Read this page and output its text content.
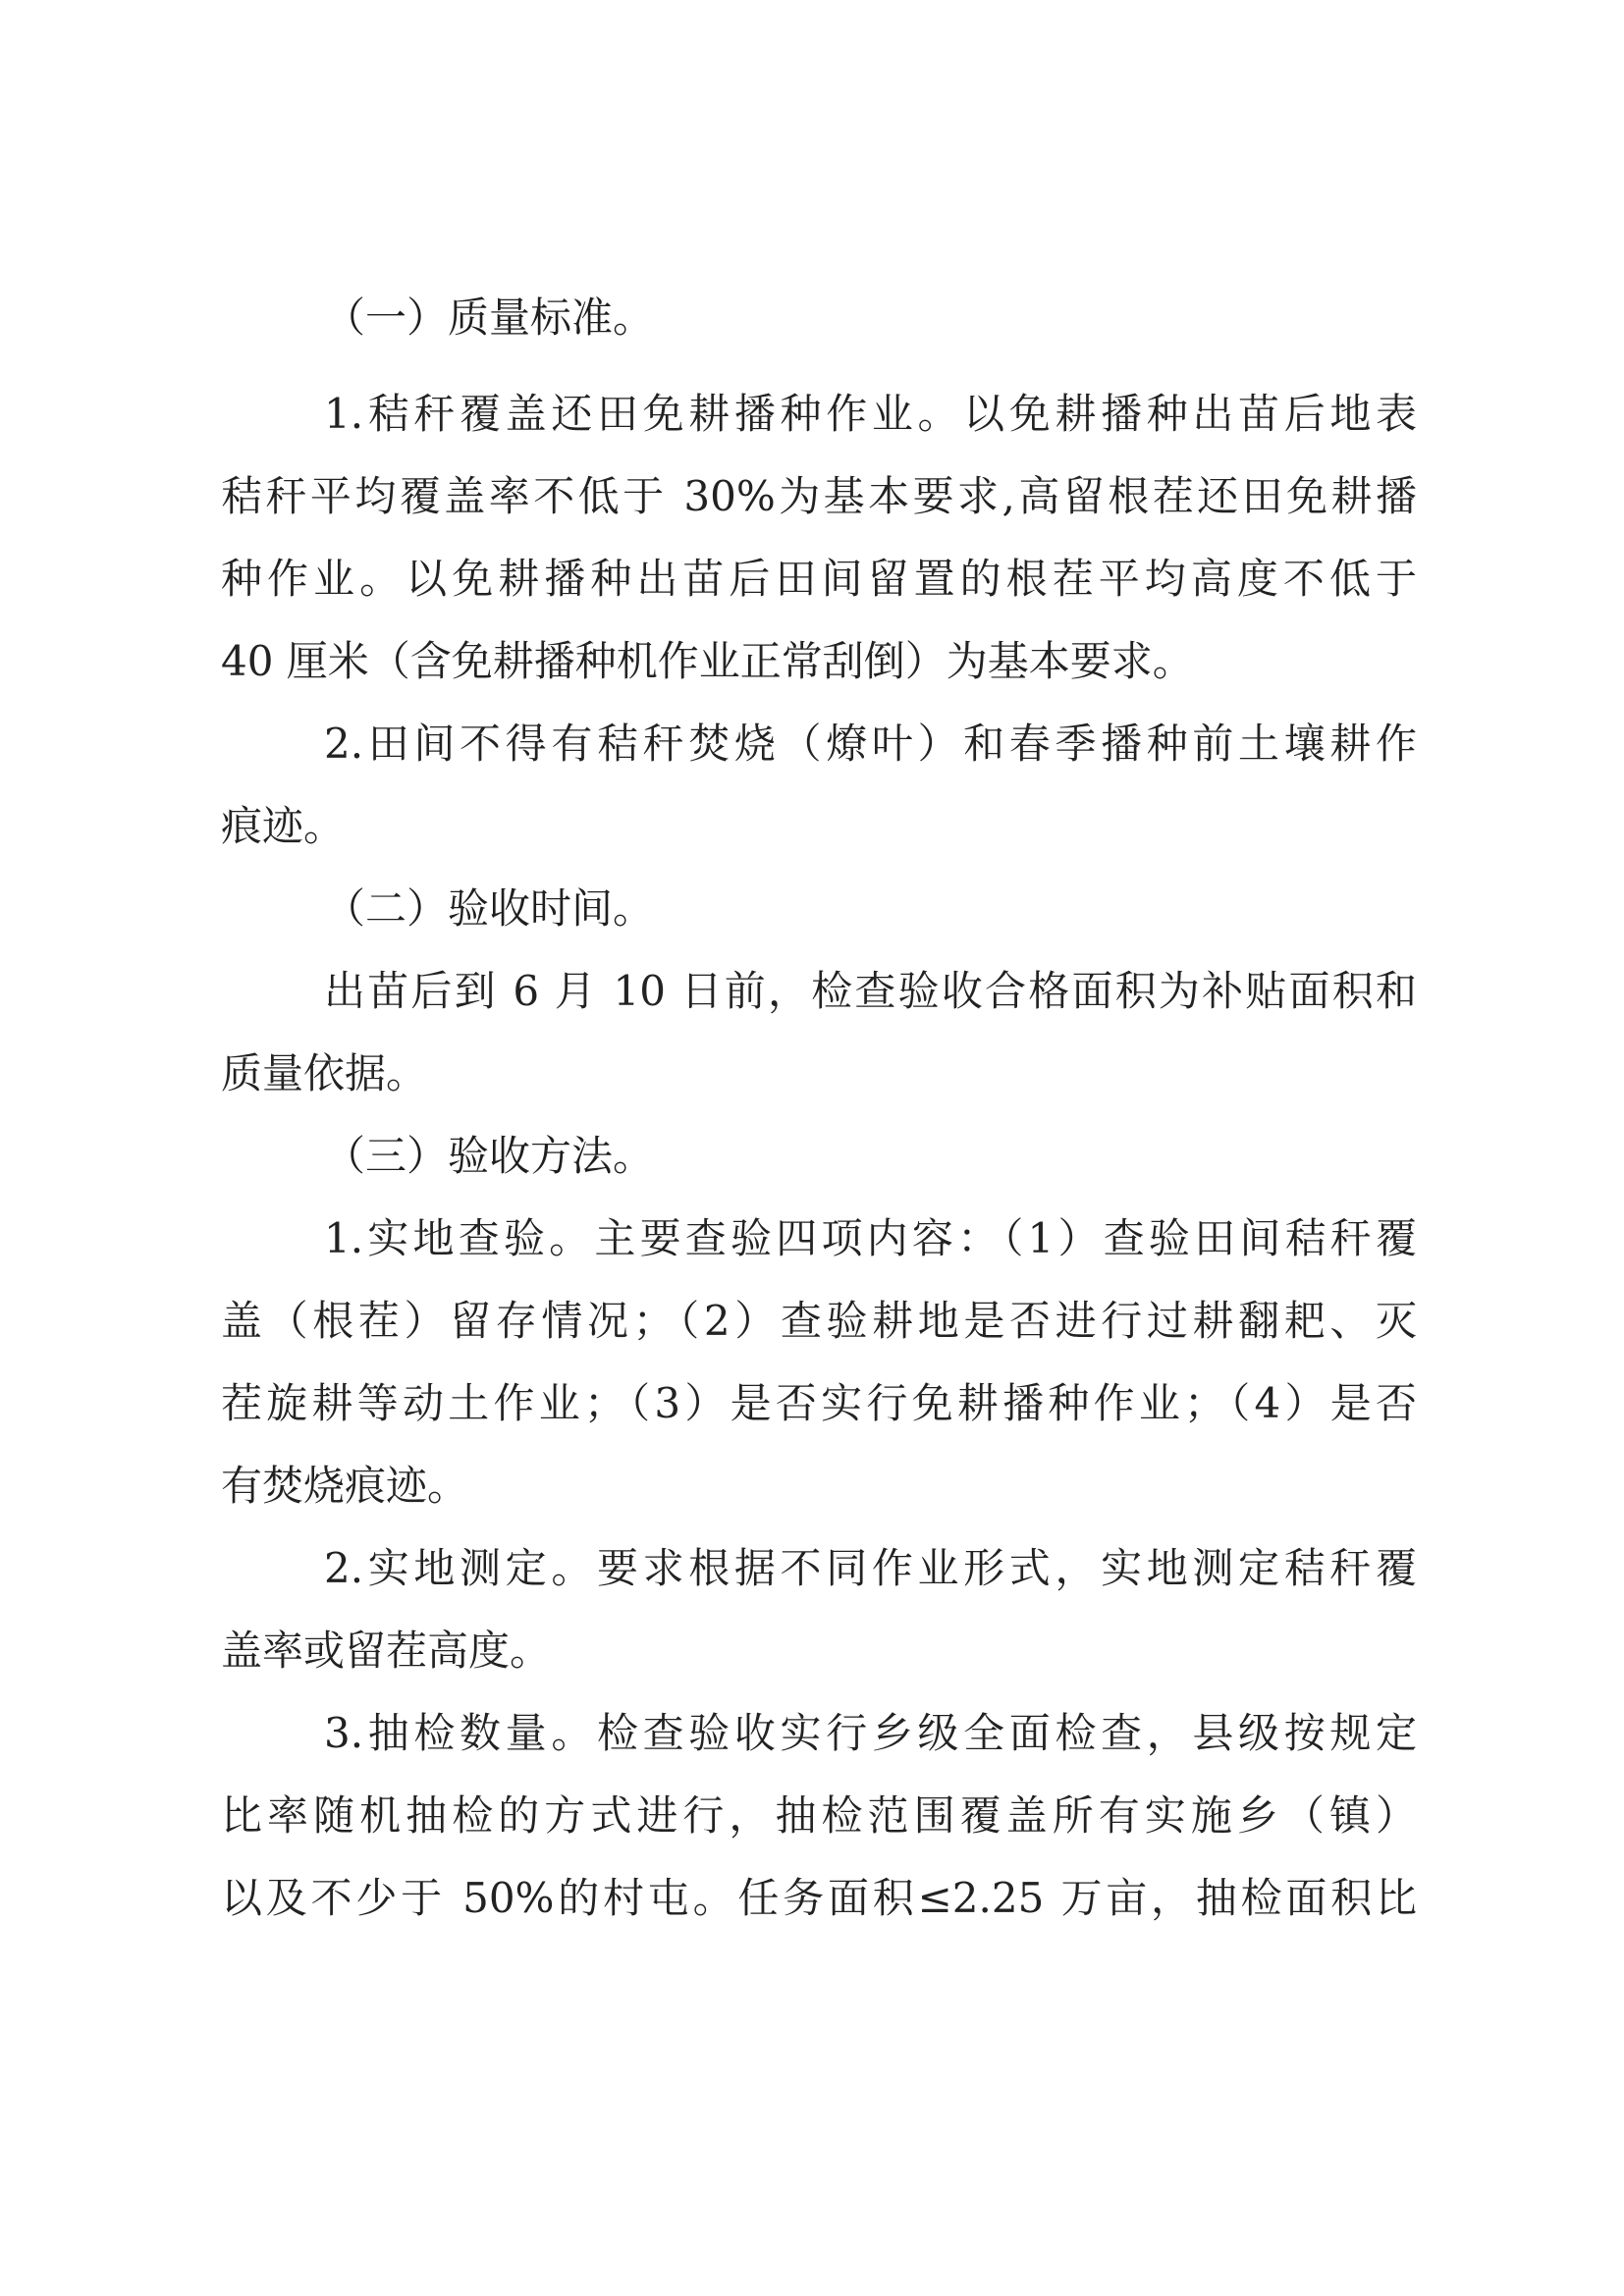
（一）质量标准。

1.秸秆覆盖还田免耕播种作业。以免耕播种出苗后地表

秸秆平均覆盖率不低于 30%为基本要求,高留根茬还田免耕播

种作业。以免耕播种出苗后田间留置的根茬平均高度不低于

40 厘米（含免耕播种机作业正常刮倒）为基本要求。

2.田间不得有秸秆焚烧（燎叶）和春季播种前土壤耕作

痕迹。

（二）验收时间。

出苗后到 6 月 10 日前，检查验收合格面积为补贴面积和

质量依据。

（三）验收方法。

1.实地查验。主要查验四项内容：（1）查验田间秸秆覆

盖（根茬）留存情况；（2）查验耕地是否进行过耕翻耙、灭

茬旋耕等动土作业；（3）是否实行免耕播种作业；（4）是否

有焚烧痕迹。

2.实地测定。要求根据不同作业形式，实地测定秸秆覆

盖率或留茬高度。

3.抽检数量。检查验收实行乡级全面检查，县级按规定

比率随机抽检的方式进行，抽检范围覆盖所有实施乡（镇）

以及不少于 50%的村屯。任务面积≤2.25 万亩，抽检面积比
